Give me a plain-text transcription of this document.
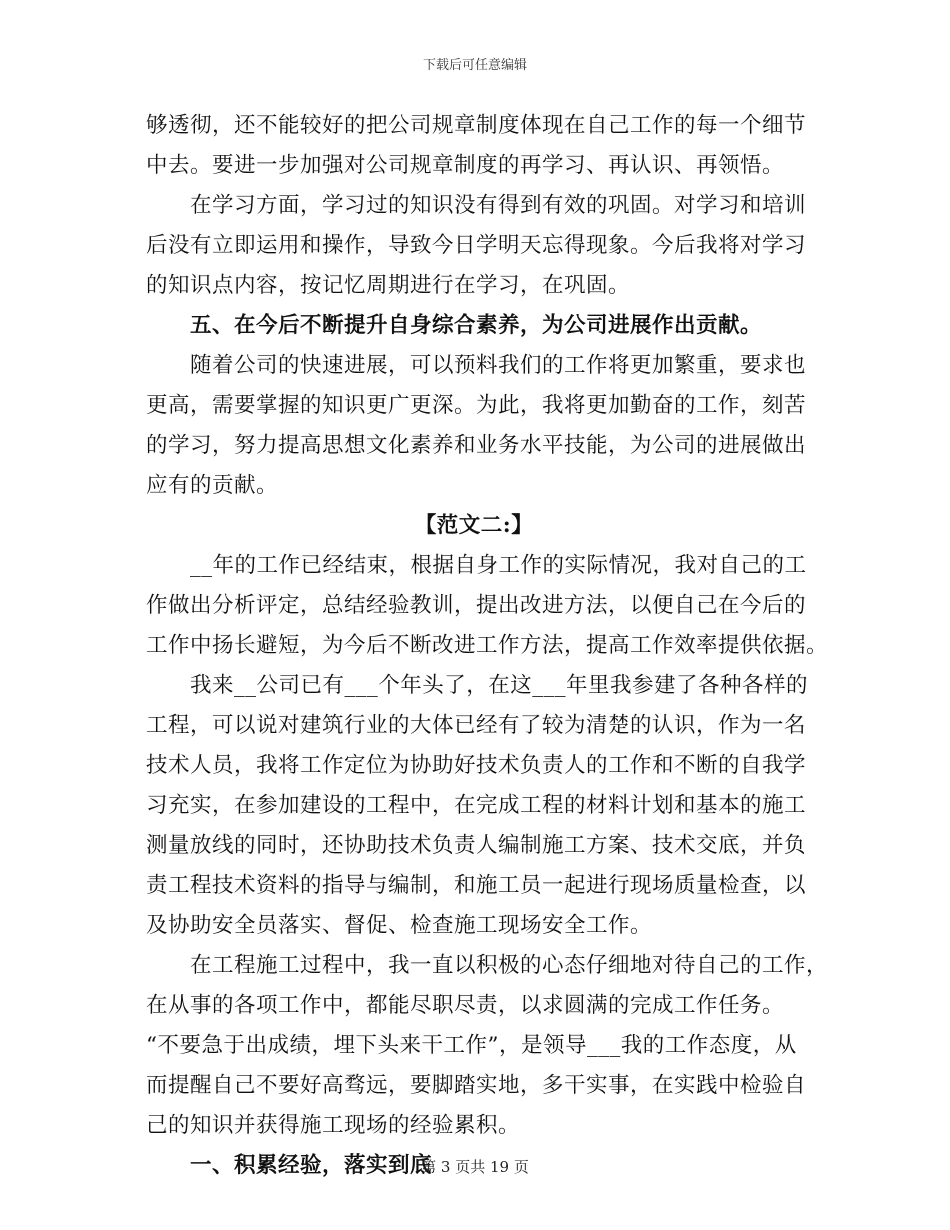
下载后可任意编辑
够透彻，还不能较好的把公司规章制度体现在自己工作的每一个细节
中去。要进一步加强对公司规章制度的再学习、再认识、再领悟。
在学习方面，学习过的知识没有得到有效的巩固。对学习和培训
后没有立即运用和操作，导致今日学明天忘得现象。今后我将对学习
的知识点内容，按记忆周期进行在学习，在巩固。
五、在今后不断提升自身综合素养，为公司进展作出贡献。
随着公司的快速进展，可以预料我们的工作将更加繁重，要求也
更高，需要掌握的知识更广更深。为此，我将更加勤奋的工作，刻苦
的学习，努力提高思想文化素养和业务水平技能，为公司的进展做出
应有的贡献。
【范文二:】
__年的工作已经结束，根据自身工作的实际情况，我对自己的工
作做出分析评定，总结经验教训，提出改进方法，以便自己在今后的
工作中扬长避短，为今后不断改进工作方法，提高工作效率提供依据。
我来__公司已有___个年头了，在这___年里我参建了各种各样的
工程，可以说对建筑行业的大体已经有了较为清楚的认识，作为一名
技术人员，我将工作定位为协助好技术负责人的工作和不断的自我学
习充实，在参加建设的工程中，在完成工程的材料计划和基本的施工
测量放线的同时，还协助技术负责人编制施工方案、技术交底，并负
责工程技术资料的指导与编制，和施工员一起进行现场质量检查，以
及协助安全员落实、督促、检查施工现场安全工作。
在工程施工过程中，我一直以积极的心态仔细地对待自己的工作，
在从事的各项工作中，都能尽职尽责，以求圆满的完成工作任务。
“不要急于出成绩，埋下头来干工作”，是领导___我的工作态度，从
而提醒自己不要好高骛远，要脚踏实地，多干实事，在实践中检验自
己的知识并获得施工现场的经验累积。
一、积累经验，落实到底
第 3 页共 19 页
